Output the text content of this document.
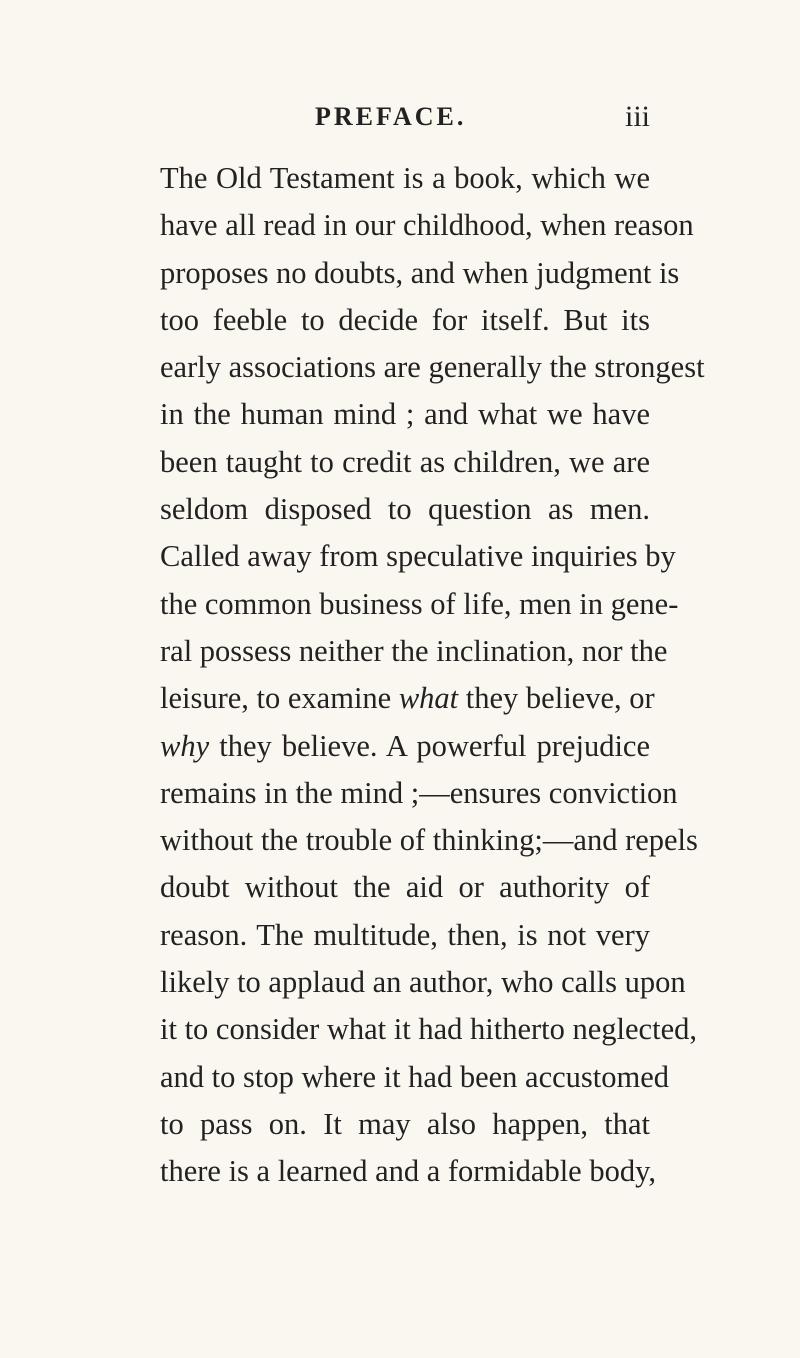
PREFACE.	iii
The Old Testament is a book, which we
have all read in our childhood, when reason
proposes no doubts, and when judgment is
too feeble to decide for itself. But its
early associations are generally the strongest
in the human mind ; and what we have
been taught to credit as children, we are
seldom disposed to question as men.
Called away from speculative inquiries by
the common business of life, men in gene-
ral possess neither the inclination, nor the
leisure, to examine what they believe, or
why they believe. A powerful prejudice
remains in the mind ;—ensures conviction
without the trouble of thinking;—and repels
doubt without the aid or authority of
reason. The multitude, then, is not very
likely to applaud an author, who calls upon
it to consider what it had hitherto neglected,
and to stop where it had been accustomed
to pass on. It may also happen, that
there is a learned and a formidable body,
